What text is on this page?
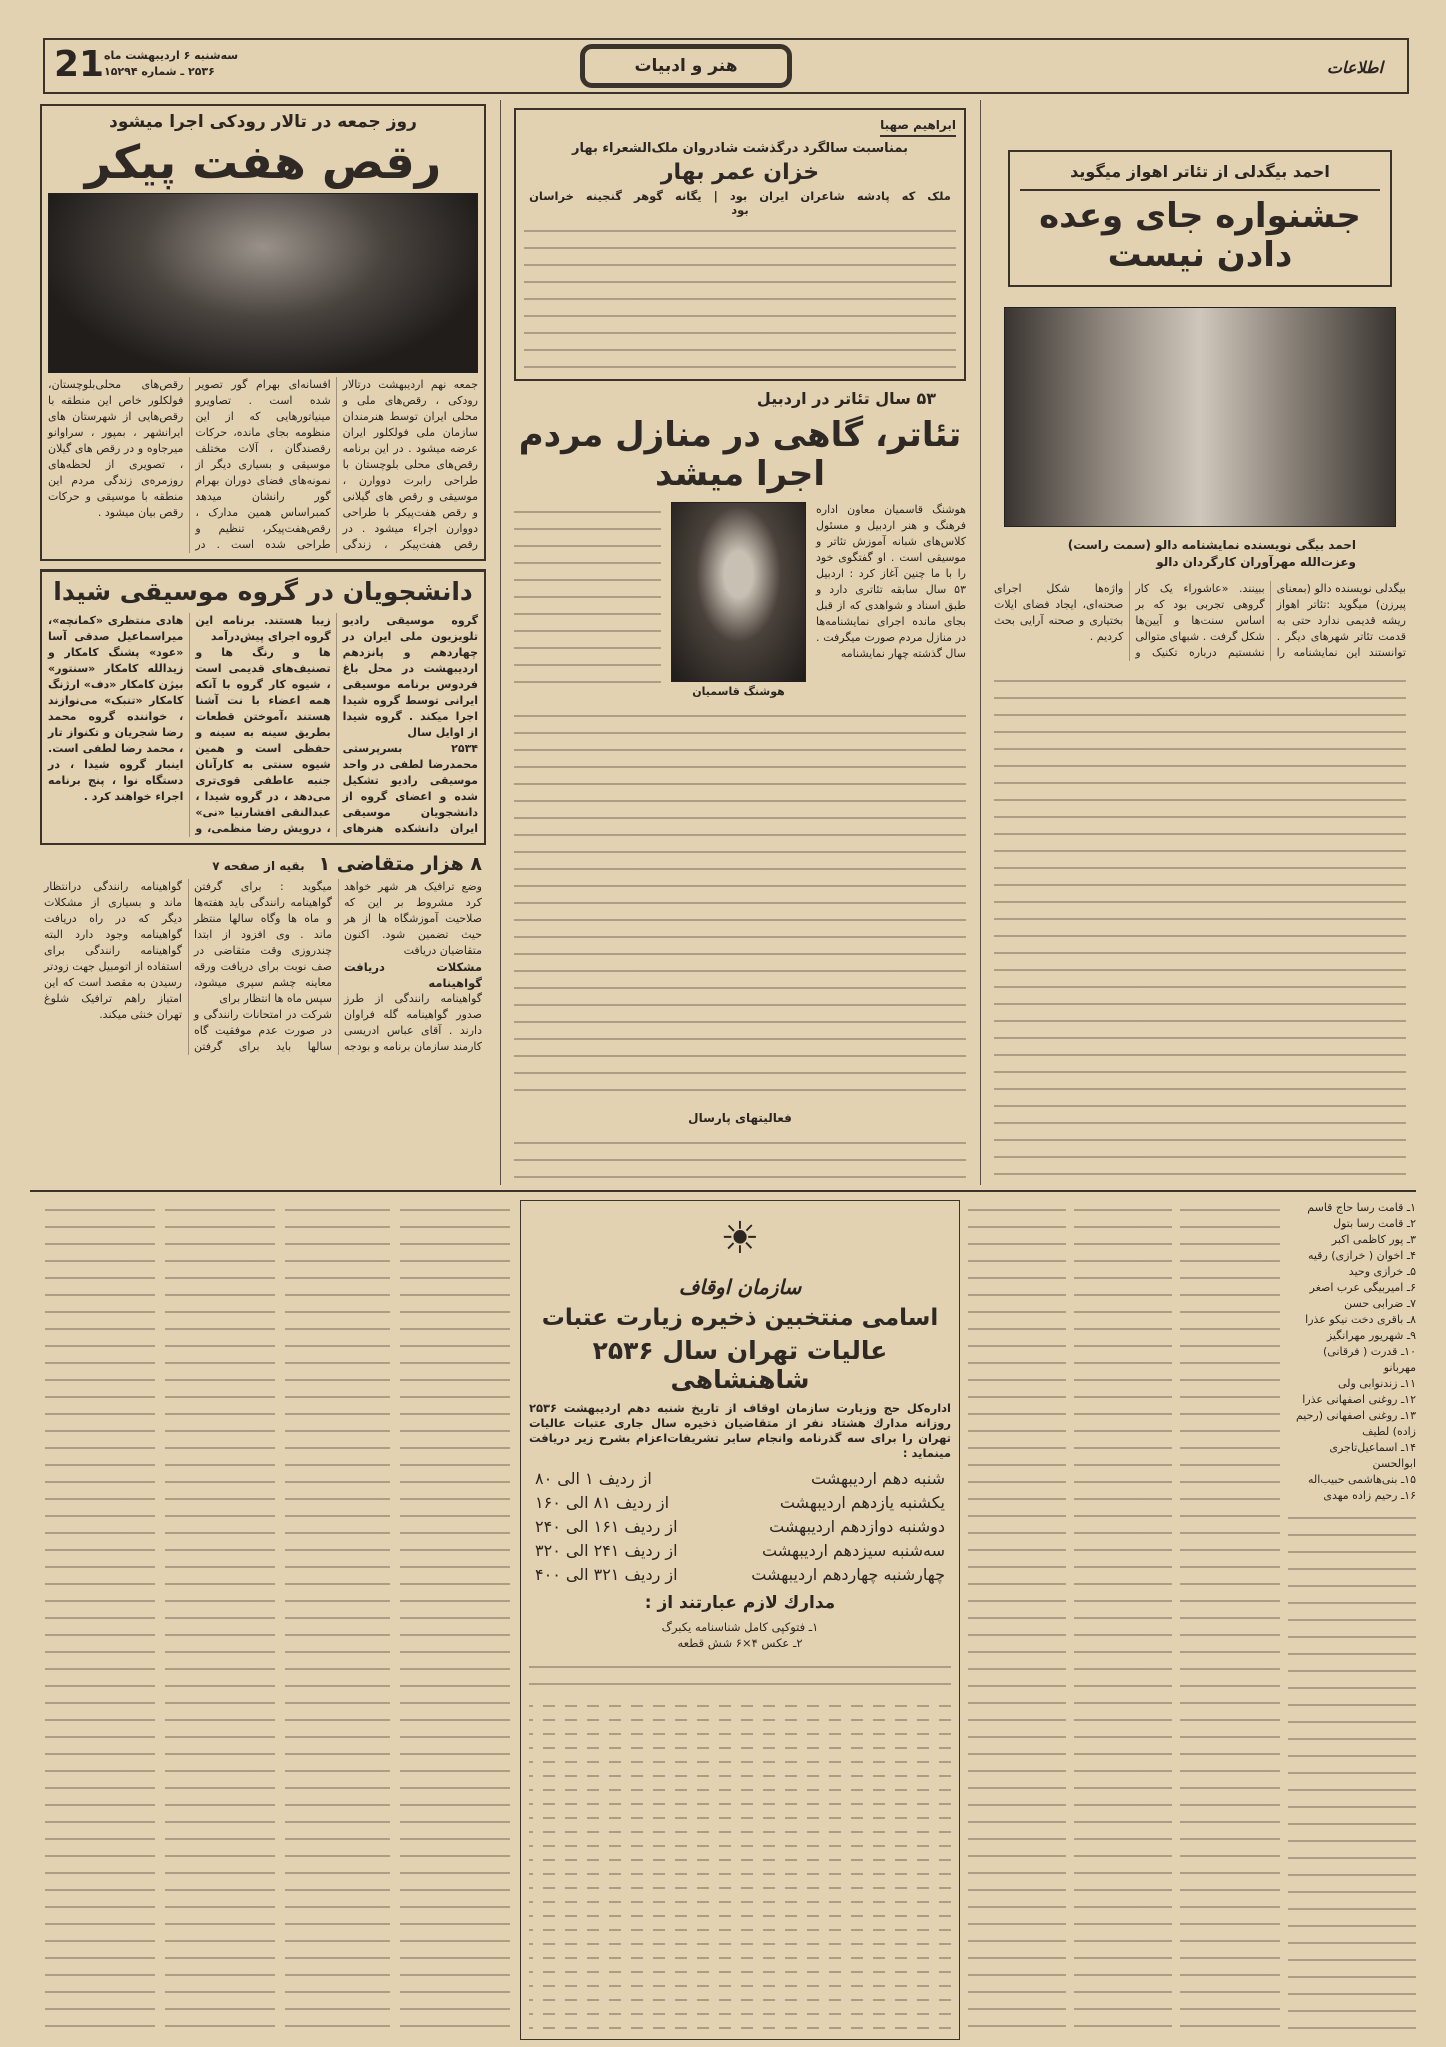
21 سه‌شنبه ۶ اردیبهشت ماه
۲۵۳۶ ـ شماره ۱۵۲۹۴	هنر و ادبیات	اطلاعات
روز جمعه در تالار رودکی اجرا میشود
رقص هفت پیکر
جمعه نهم اردیبهشت درتالار رودکی ، رقص‌های ملی و محلی ایران توسط هنرمندان سازمان ملی فولکلور ایران عرضه میشود . در این برنامه رقص‌های محلی بلوچستان با طراحی رابرت دووارن ، موسیقی و رقص های گیلانی و رقص هفت‌پیکر با طراحی دووارن اجراء میشود . در رقص هفت‌پیکر ، زندگی افسانه‌ای بهرام گور تصویر شده است . تصاویرو مینیاتورهایی که از این منظومه بجای مانده، حرکات رقصندگان ، آلات مختلف موسیقی و بسیاری دیگر از نمونه‌های فضای دوران بهرام گور رانشان میدهد کمبراساس همین مدارک ، رقص‌هفت‌پیکر، تنظیم و طراحی شده است . در رقص‌های محلی‌بلوچستان، فولکلور خاص این منطقه با رقص‌هایی از شهرستان های ایرانشهر ، بمپور ، سراوانو میرجاوه و در رقص های گیلان ، تصویری از لحظه‌های روزمره‌ی زندگی مردم این منطقه با موسیقی و حرکات رقص بیان میشود .
دانشجویان در گروه موسیقی شیدا

گروه موسیقی رادیو تلویزیون ملی ایران در چهاردهم و پانزدهم اردیبهشت در محل باغ فردوس برنامه موسیقی ایرانی توسط گروه شیدا اجرا میکند . گروه شیدا از اوایل سال

۲۵۳۴ بسرپرستی محمدرضا لطفی در واحد موسیقی رادیو تشکیل شده و اعضای گروه از دانشجویان موسیقی ایران دانشکده هنرهای زیبا هستند. برنامه این گروه اجرای پیش‌درآمد

ها و رنگ ها و تصنیف‌های قدیمی است ، شیوه کار گروه با آنکه همه اعضاء با نت آشنا هستند ،آموختن قطعات بطریق سینه به سینه و حفظی است و همین شیوه سنتی به کارآنان جنبه عاطفی قوی‌تری می‌دهد ، در گروه شیدا ، عبدالنقی افشارنیا «نی» ، درویش رضا منظمی، و هادی منتظری «کمانچه»، میراسماعیل صدقی آسا «عود» پشنگ کامکار و زیدالله کامکار «سنتور» بیژن کامکار «دف» ارژنگ کامکار «تنبک» می‌نوازند ، خواننده گروه محمد رضا شجریان و تکنواز تار ، محمد رضا لطفی است. اینبار گروه شیدا ، در دستگاه نوا ، پنج برنامه اجراء خواهند کرد .

۸ هزار متقاضی ۱
بقیه از صفحه ۷

وضع ترافیک هر شهر خواهد کرد مشروط بر این که صلاحیت آموزشگاه ها از هر حیث تضمین شود. اکنون متقاضیان دریافت

مشکلات دریافت گواهینامه

گواهینامه رانندگی از طرز صدور گواهینامه گله فراوان دارند . آقای عباس ادریسی کارمند سازمان برنامه و بودجه میگوید : برای گرفتن گواهینامه رانندگی باید هفته‌ها و ماه ها وگاه سالها منتظر ماند . وی افزود از ابتدا چندروزی وقت متقاضی در صف نوبت برای دریافت ورقه معاینه چشم سپری میشود، سپس ماه ها انتظار برای

شرکت در امتحانات رانندگی و در صورت عدم موفقیت گاه سالها باید برای گرفتن گواهینامه رانندگی درانتظار ماند و بسیاری از مشکلات دیگر که در راه دریافت گواهینامه وجود دارد البته گواهینامه رانندگی برای استفاده از اتومبیل جهت زودتر رسیدن به مقصد است که این امتیاز راهم ترافیک شلوغ تهران خنثی میکند.

ابراهیم صهبا
بمناسبت سالگرد درگذشت شادروان ملک‌الشعراء بهار
خزان عمر بهار
ملک که پادشه شاعران ایران بود | یگانه گوهر گنجینه خراسان بود
۵۳ سال تئاتر در اردبیل
تئاتر، گاهی در منازل مردم اجرا میشد
هوشنگ قاسمیان معاون اداره فرهنگ و هنر اردبیل و مسئول کلاس‌های شبانه آموزش تئاتر و موسیقی است . او گفتگوی خود را با ما چنین آغاز کرد : اردبیل ۵۳ سال سابقه تئاتری دارد و طبق اسناد و شواهدی که از قبل بجای مانده اجرای نمایشنامه‌ها در منازل مردم صورت میگرفت . سال گذشته چهار نمایشنامه
هوشنگ قاسمیان
فعالیتهای پارسال
احمد بیگدلی از تئاتر اهواز میگوید
جشنواره جای وعده دادن نیست
احمد بیگی نویسنده نمایشنامه دالو (سمت راست) وعزت‌الله مهرآوران کارگردان دالو
بیگدلی نویسنده دالو (بمعنای پیرزن) میگوید :تئاتر اهواز ریشه قدیمی ندارد حتی به قدمت تئاتر شهرهای دیگر . توانستند این نمایشنامه را ببینند. «عاشوراء یک کار گروهی تجربی بود که بر اساس سنت‌ها و آیین‌ها شکل گرفت . شبهای متوالی نشستیم درباره تکنیک و واژه‌ها شکل اجرای صحنه‌ای، ایجاد فضای ایلات بختیاری و صحنه آرایی بحث کردیم .
☀
سازمان اوقاف
اسامی منتخبین ذخیره زیارت عتبات
عالیات تهران سال ۲۵۳۶ شاهنشاهی
اداره‌کل حج وزیارت سازمان اوقاف از تاریخ شنبه دهم اردیبهشت ۲۵۳۶ روزانه مدارك هشتاد نفر از متقاضیان ذخیره سال جاری عتبات عالیات تهران را برای سه گذرنامه وانجام سایر تشریفات‌اعزام بشرح زیر دریافت مینماید :
شنبه دهم اردیبهشت
از ردیف ۱ الی ۸۰
یکشنبه یازدهم اردیبهشت
از ردیف ۸۱ الی ۱۶۰
دوشنبه دوازدهم اردیبهشت
از ردیف ۱۶۱ الی ۲۴۰
سه‌شنبه سیزدهم اردیبهشت
از ردیف ۲۴۱ الی ۳۲۰
چهارشنبه چهاردهم اردیبهشت
از ردیف ۳۲۱ الی ۴۰۰
مدارك لازم عبارتند از :
۱ـ فتوکپی کامل شناسنامه یکبرگ
۲ـ عکس ۴×۶ شش قطعه
۱ـ قامت رسا حاج قاسم
۲ـ قامت رسا بتول
۳ـ پور کاظمی اکبر
۴ـ اخوان ( خرازی) رقیه
۵ـ خرازی وحید
۶ـ امیربیگی عرب اصغر
۷ـ ضرابی حسن
۸ـ باقری دخت نیکو عذرا
۹ـ شهریور مهرانگیز
۱۰ـ قدرت ( فرقانی) مهربانو
۱۱ـ زندنوابی ولی
۱۲ـ روغنی اصفهانی عذرا
۱۳ـ روغنی اصفهانی (رحیم زاده) لطیف
۱۴ـ اسماعیل‌تاجری ابوالحسن
۱۵ـ بنی‌هاشمی حبیب‌اله
۱۶ـ رحیم زاده مهدی
